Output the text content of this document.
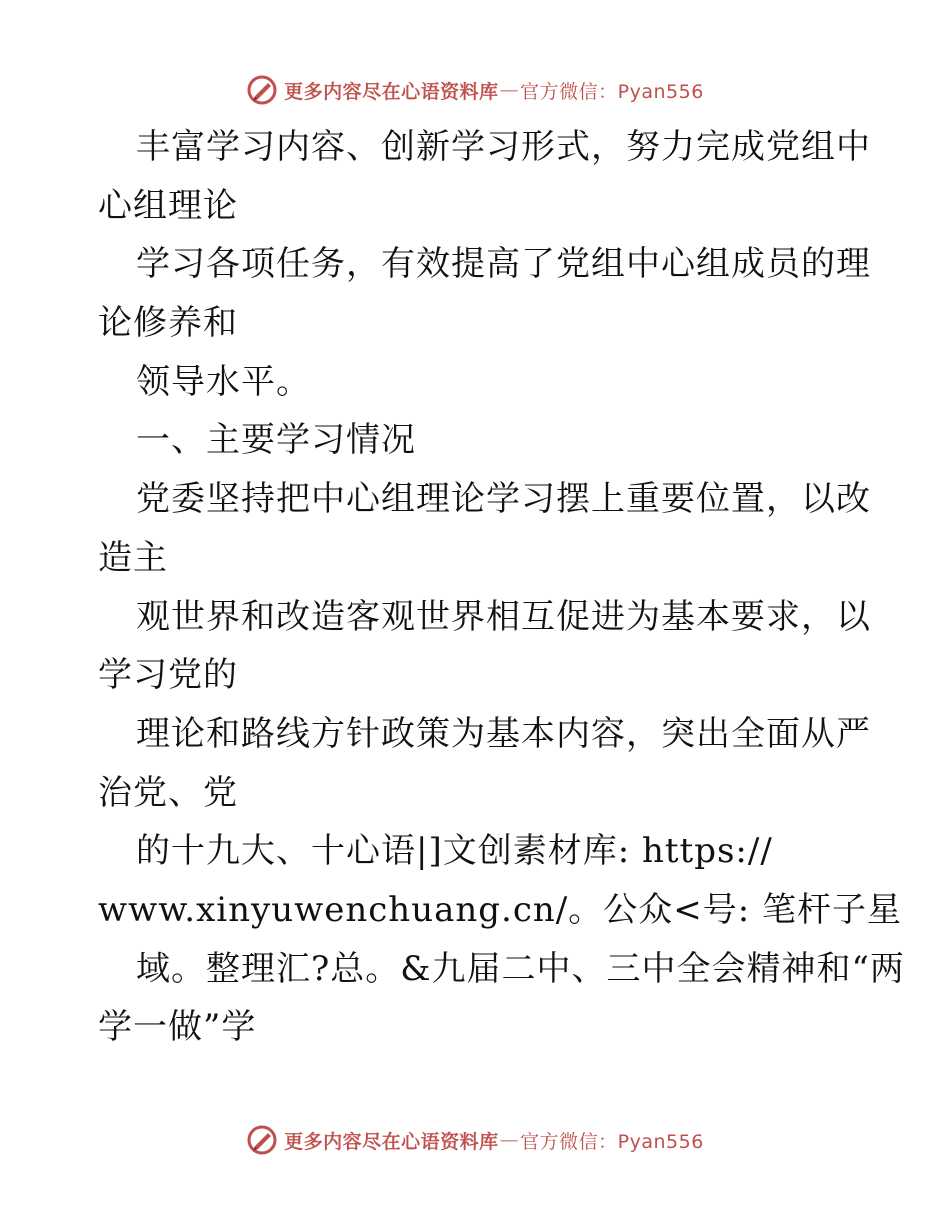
更多内容尽在心语资料库 — 官方微信：Pyan556
丰富学习内容、创新学习形式，努力完成党组中
心组理论
学习各项任务，有效提高了党组中心组成员的理
论修养和
领导水平。
一、主要学习情况
党委坚持把中心组理论学习摆上重要位置，以改
造主
观世界和改造客观世界相互促进为基本要求，以
学习党的
理论和路线方针政策为基本内容，突出全面从严
治党、党
的十九大、十心语|]文创素材库: https://
www.xinyuwenchuang.cn/。公众<号: 笔杆子星
域。整理汇?总。&九届二中、三中全会精神和“两
学一做”学
更多内容尽在心语资料库 — 官方微信：Pyan556
